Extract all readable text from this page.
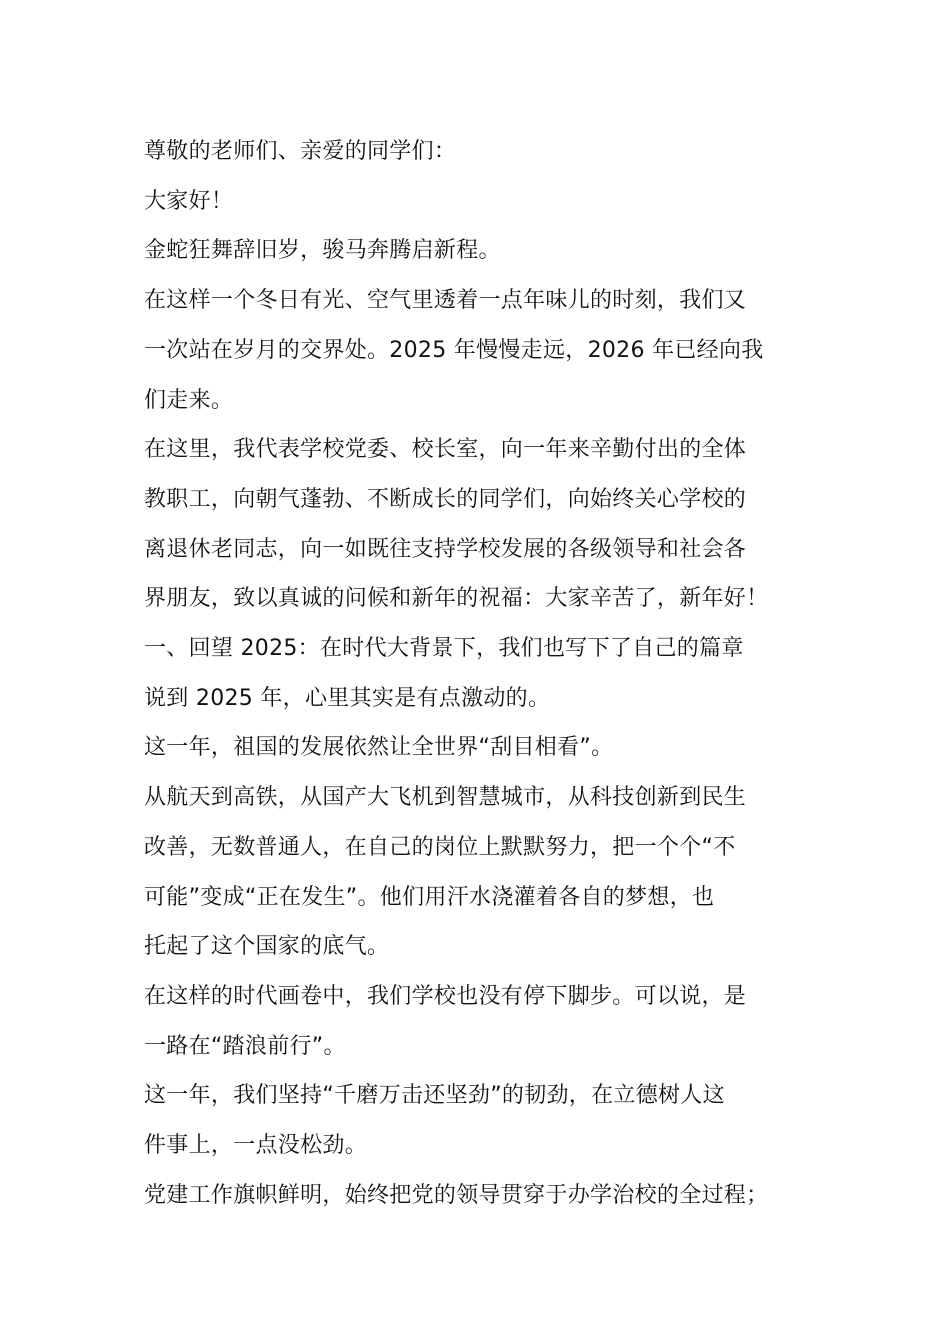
尊敬的老师们、亲爱的同学们：

大家好！

金蛇狂舞辞旧岁，骏马奔腾启新程。

在这样一个冬日有光、空气里透着一点年味儿的时刻，我们又
一次站在岁月的交界处。2025 年慢慢走远，2026 年已经向我
们走来。

在这里，我代表学校党委、校长室，向一年来辛勤付出的全体
教职工，向朝气蓬勃、不断成长的同学们，向始终关心学校的
离退休老同志，向一如既往支持学校发展的各级领导和社会各
界朋友，致以真诚的问候和新年的祝福：大家辛苦了，新年好！

一、回望 2025：在时代大背景下，我们也写下了自己的篇章

说到 2025 年，心里其实是有点激动的。

这一年，祖国的发展依然让全世界“刮目相看”。

从航天到高铁，从国产大飞机到智慧城市，从科技创新到民生
改善，无数普通人，在自己的岗位上默默努力，把一个个“不
可能”变成“正在发生”。他们用汗水浇灌着各自的梦想，也
托起了这个国家的底气。

在这样的时代画卷中，我们学校也没有停下脚步。可以说，是
一路在“踏浪前行”。

这一年，我们坚持“千磨万击还坚劲”的韧劲，在立德树人这
件事上，一点没松劲。

党建工作旗帜鲜明，始终把党的领导贯穿于办学治校的全过程；
